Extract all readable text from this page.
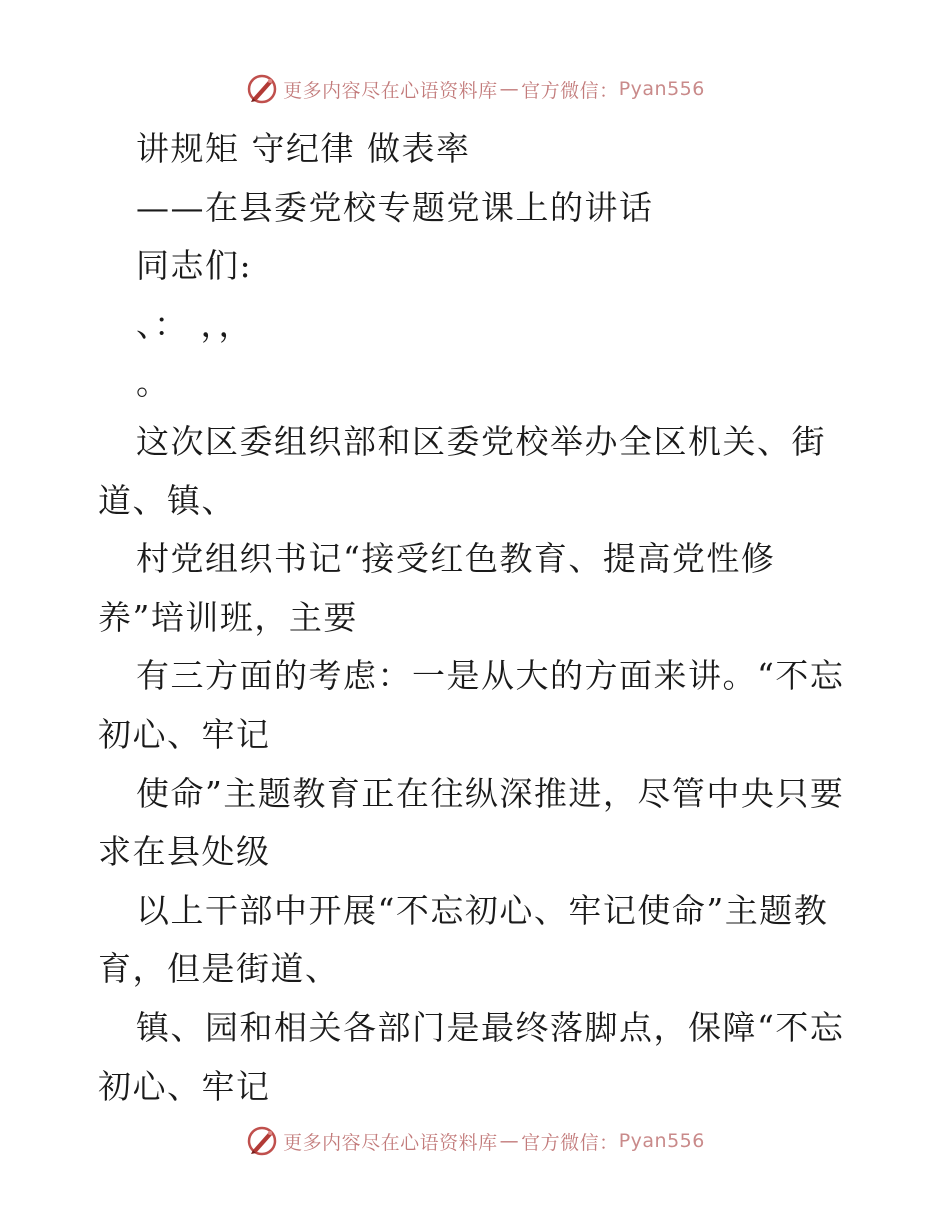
更多内容尽在心语资料库 — 官方微信： Pyan556
讲规矩 守纪律 做表率
——在县委党校专题党课上的讲话
同志们:
、： ，，
。
这次区委组织部和区委党校举办全区机关、街
道、镇、
村党组织书记“接受红色教育、提高党性修
养”培训班，主要
有三方面的考虑：一是从大的方面来讲。“不忘
初心、牢记
使命”主题教育正在往纵深推进，尽管中央只要
求在县处级
以上干部中开展“不忘初心、牢记使命”主题教
育，但是街道、
镇、园和相关各部门是最终落脚点，保障“不忘
初心、牢记
更多内容尽在心语资料库 — 官方微信： Pyan556
